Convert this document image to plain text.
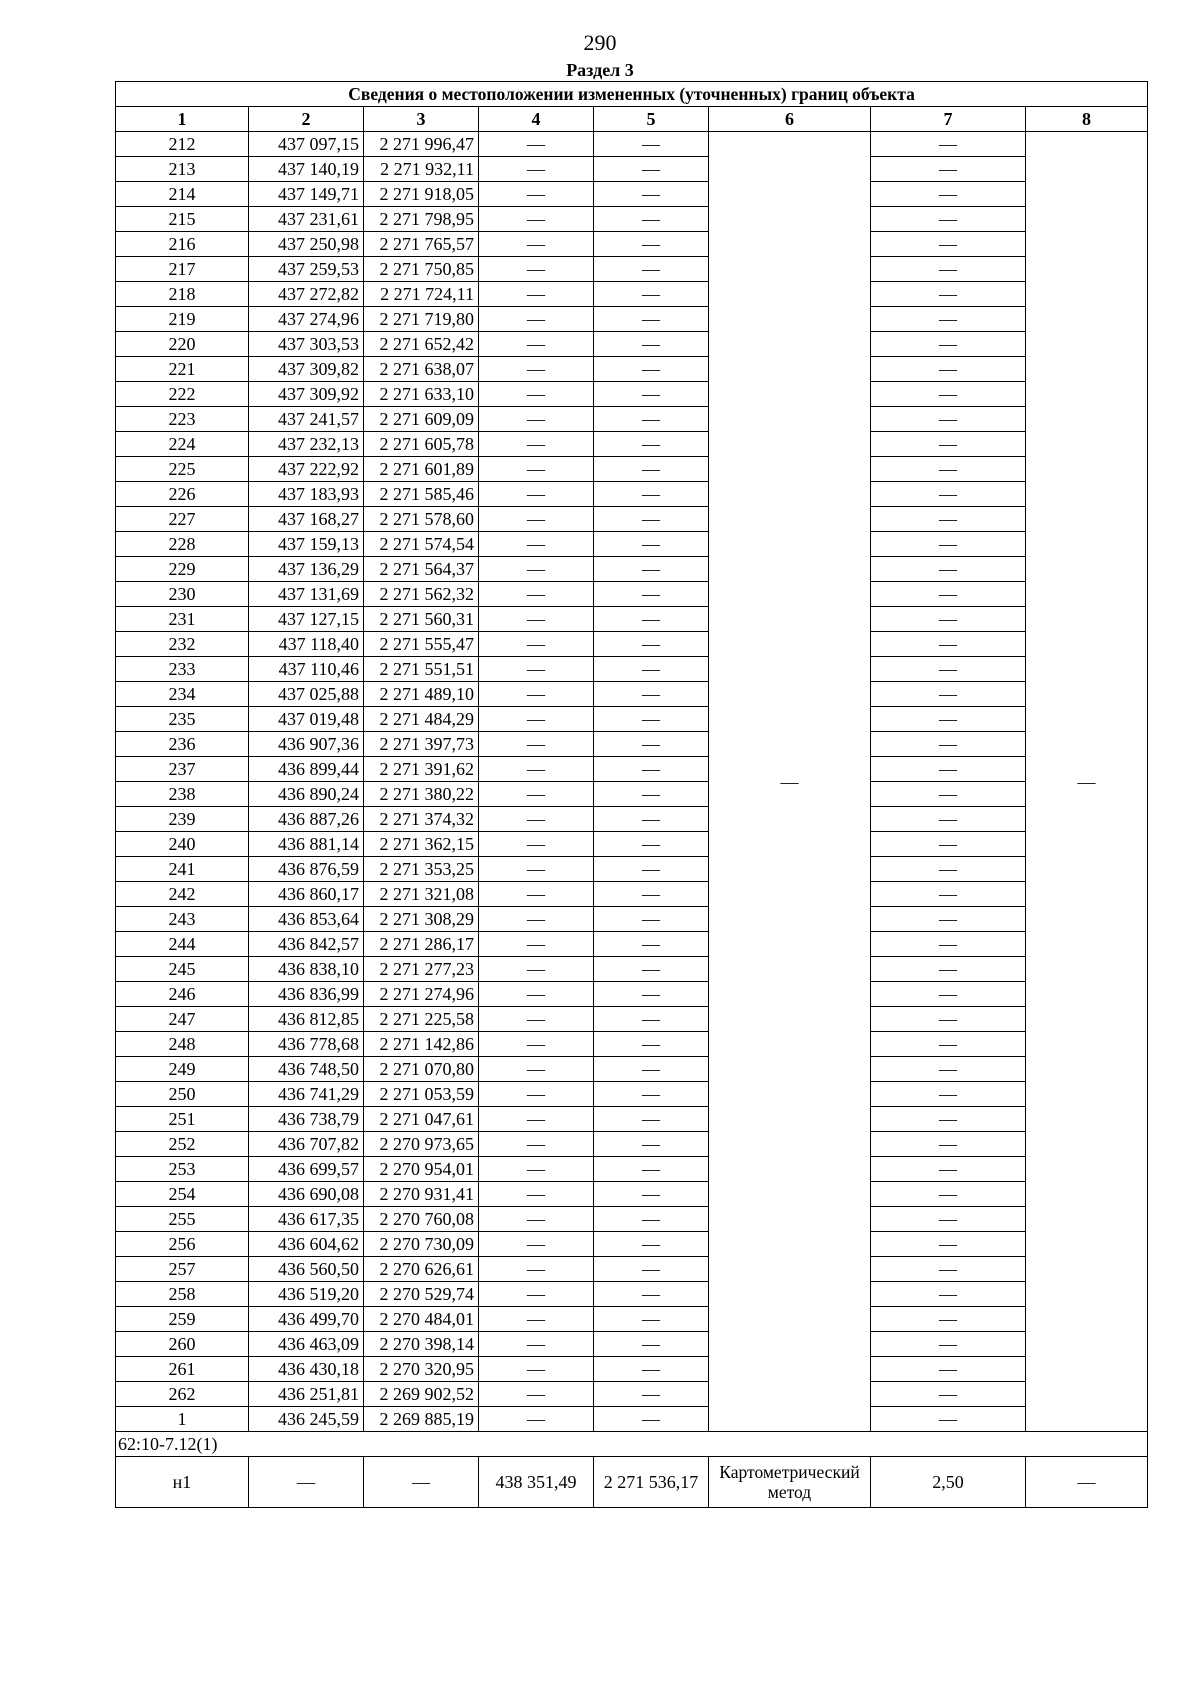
290
Раздел 3
Сведения о местоположении измененных (уточненных) границ объекта							
1	2	3	4	5	6	7	8
212	437 097,15	2 271 996,47	—	—	—	—	—
213	437 140,19	2 271 932,11	—	—		—	
214	437 149,71	2 271 918,05	—	—		—	
215	437 231,61	2 271 798,95	—	—		—	
216	437 250,98	2 271 765,57	—	—		—	
217	437 259,53	2 271 750,85	—	—		—	
218	437 272,82	2 271 724,11	—	—		—	
219	437 274,96	2 271 719,80	—	—		—	
220	437 303,53	2 271 652,42	—	—		—	
221	437 309,82	2 271 638,07	—	—		—	
222	437 309,92	2 271 633,10	—	—		—	
223	437 241,57	2 271 609,09	—	—		—	
224	437 232,13	2 271 605,78	—	—		—	
225	437 222,92	2 271 601,89	—	—		—	
226	437 183,93	2 271 585,46	—	—		—	
227	437 168,27	2 271 578,60	—	—		—	
228	437 159,13	2 271 574,54	—	—		—	
229	437 136,29	2 271 564,37	—	—		—	
230	437 131,69	2 271 562,32	—	—		—	
231	437 127,15	2 271 560,31	—	—		—	
232	437 118,40	2 271 555,47	—	—		—	
233	437 110,46	2 271 551,51	—	—		—	
234	437 025,88	2 271 489,10	—	—		—	
235	437 019,48	2 271 484,29	—	—		—	
236	436 907,36	2 271 397,73	—	—		—	
237	436 899,44	2 271 391,62	—	—		—	
238	436 890,24	2 271 380,22	—	—		—	
239	436 887,26	2 271 374,32	—	—		—	
240	436 881,14	2 271 362,15	—	—		—	
241	436 876,59	2 271 353,25	—	—		—	
242	436 860,17	2 271 321,08	—	—		—	
243	436 853,64	2 271 308,29	—	—		—	
244	436 842,57	2 271 286,17	—	—		—	
245	436 838,10	2 271 277,23	—	—		—	
246	436 836,99	2 271 274,96	—	—		—	
247	436 812,85	2 271 225,58	—	—		—	
248	436 778,68	2 271 142,86	—	—		—	
249	436 748,50	2 271 070,80	—	—		—	
250	436 741,29	2 271 053,59	—	—		—	
251	436 738,79	2 271 047,61	—	—		—	
252	436 707,82	2 270 973,65	—	—		—	
253	436 699,57	2 270 954,01	—	—		—	
254	436 690,08	2 270 931,41	—	—		—	
255	436 617,35	2 270 760,08	—	—		—	
256	436 604,62	2 270 730,09	—	—		—	
257	436 560,50	2 270 626,61	—	—		—	
258	436 519,20	2 270 529,74	—	—		—	
259	436 499,70	2 270 484,01	—	—		—	
260	436 463,09	2 270 398,14	—	—		—	
261	436 430,18	2 270 320,95	—	—		—	
262	436 251,81	2 269 902,52	—	—		—	
1	436 245,59	2 269 885,19	—	—		—	
62:10-7.12(1)							
н1	—	—	438 351,49	2 271 536,17	Картометрический метод	2,50	—
